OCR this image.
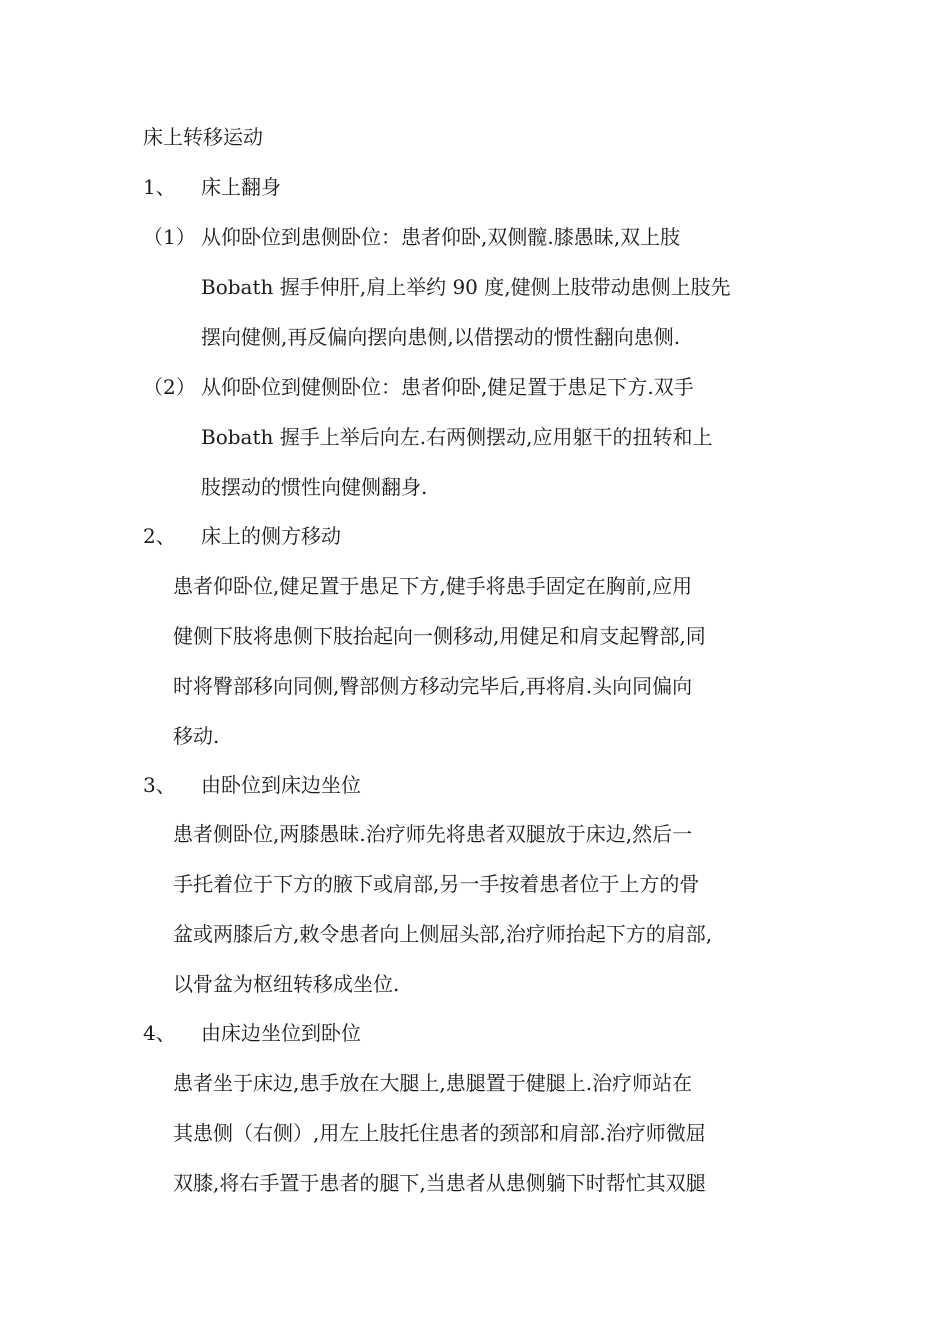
床上转移运动
1、 床上翻身
（1） 从仰卧位到患侧卧位：患者仰卧,双侧髋.膝愚昧,双上肢
Bobath 握手伸肝,肩上举约 90 度,健侧上肢带动患侧上肢先
摆向健侧,再反偏向摆向患侧,以借摆动的惯性翻向患侧.
（2） 从仰卧位到健侧卧位：患者仰卧,健足置于患足下方.双手
Bobath 握手上举后向左.右两侧摆动,应用躯干的扭转和上
肢摆动的惯性向健侧翻身.
2、 床上的侧方移动
患者仰卧位,健足置于患足下方,健手将患手固定在胸前,应用
健侧下肢将患侧下肢抬起向一侧移动,用健足和肩支起臀部,同
时将臀部移向同侧,臀部侧方移动完毕后,再将肩.头向同偏向
移动.
3、 由卧位到床边坐位
患者侧卧位,两膝愚昧.治疗师先将患者双腿放于床边,然后一
手托着位于下方的腋下或肩部,另一手按着患者位于上方的骨
盆或两膝后方,敕令患者向上侧屈头部,治疗师抬起下方的肩部,
以骨盆为枢纽转移成坐位.
4、 由床边坐位到卧位
患者坐于床边,患手放在大腿上,患腿置于健腿上.治疗师站在
其患侧（右侧）,用左上肢托住患者的颈部和肩部.治疗师微屈
双膝,将右手置于患者的腿下,当患者从患侧躺下时帮忙其双腿
